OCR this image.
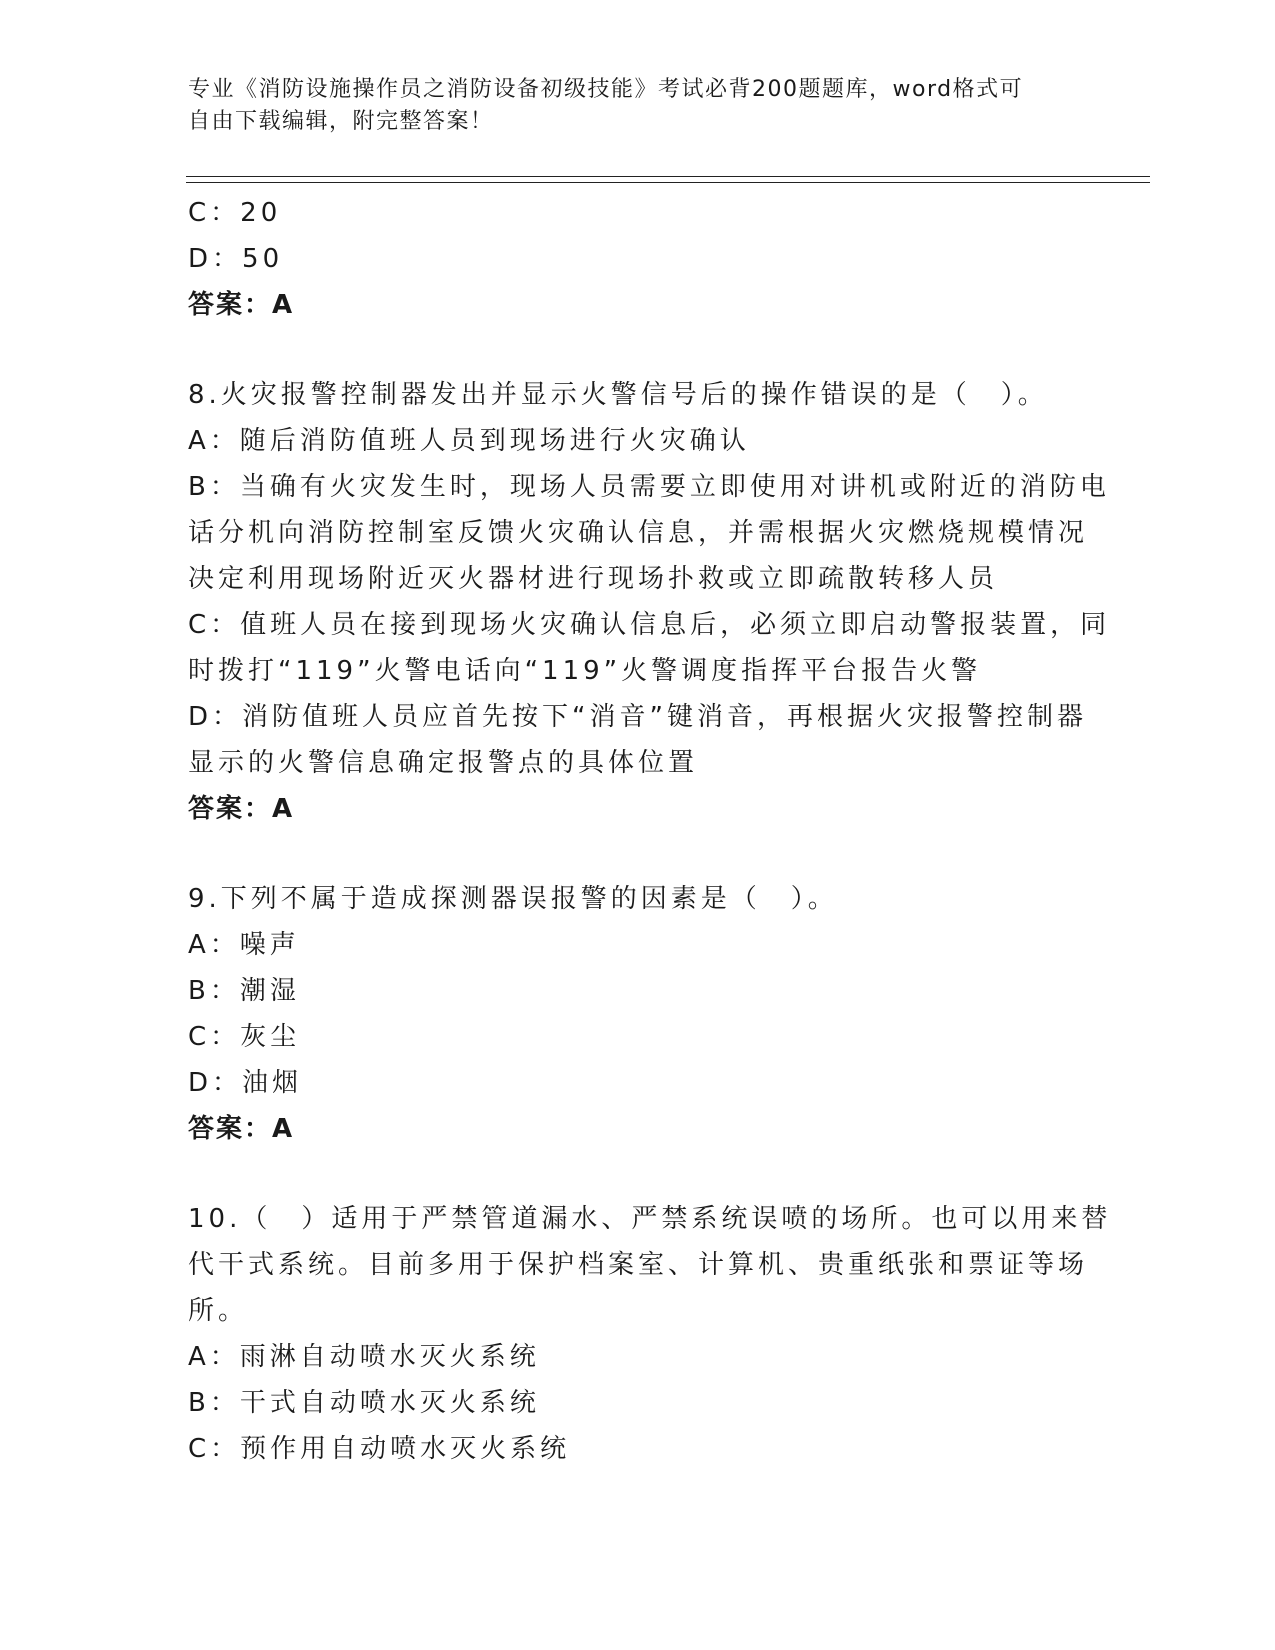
专业《消防设施操作员之消防设备初级技能》考试必背200题题库，word格式可
自由下载编辑，附完整答案！
C：20
D：50
答案：A
8.火灾报警控制器发出并显示火警信号后的操作错误的是（　）。
A：随后消防值班人员到现场进行火灾确认
B：当确有火灾发生时，现场人员需要立即使用对讲机或附近的消防电
话分机向消防控制室反馈火灾确认信息，并需根据火灾燃烧规模情况
决定利用现场附近灭火器材进行现场扑救或立即疏散转移人员
C：值班人员在接到现场火灾确认信息后，必须立即启动警报装置，同
时拨打“119”火警电话向“119”火警调度指挥平台报告火警
D：消防值班人员应首先按下“消音”键消音，再根据火灾报警控制器
显示的火警信息确定报警点的具体位置
答案：A
9.下列不属于造成探测器误报警的因素是（　）。
A：噪声
B：潮湿
C：灰尘
D：油烟
答案：A
10.（　）适用于严禁管道漏水、严禁系统误喷的场所。也可以用来替
代干式系统。目前多用于保护档案室、计算机、贵重纸张和票证等场
所。
A：雨淋自动喷水灭火系统
B：干式自动喷水灭火系统
C：预作用自动喷水灭火系统
